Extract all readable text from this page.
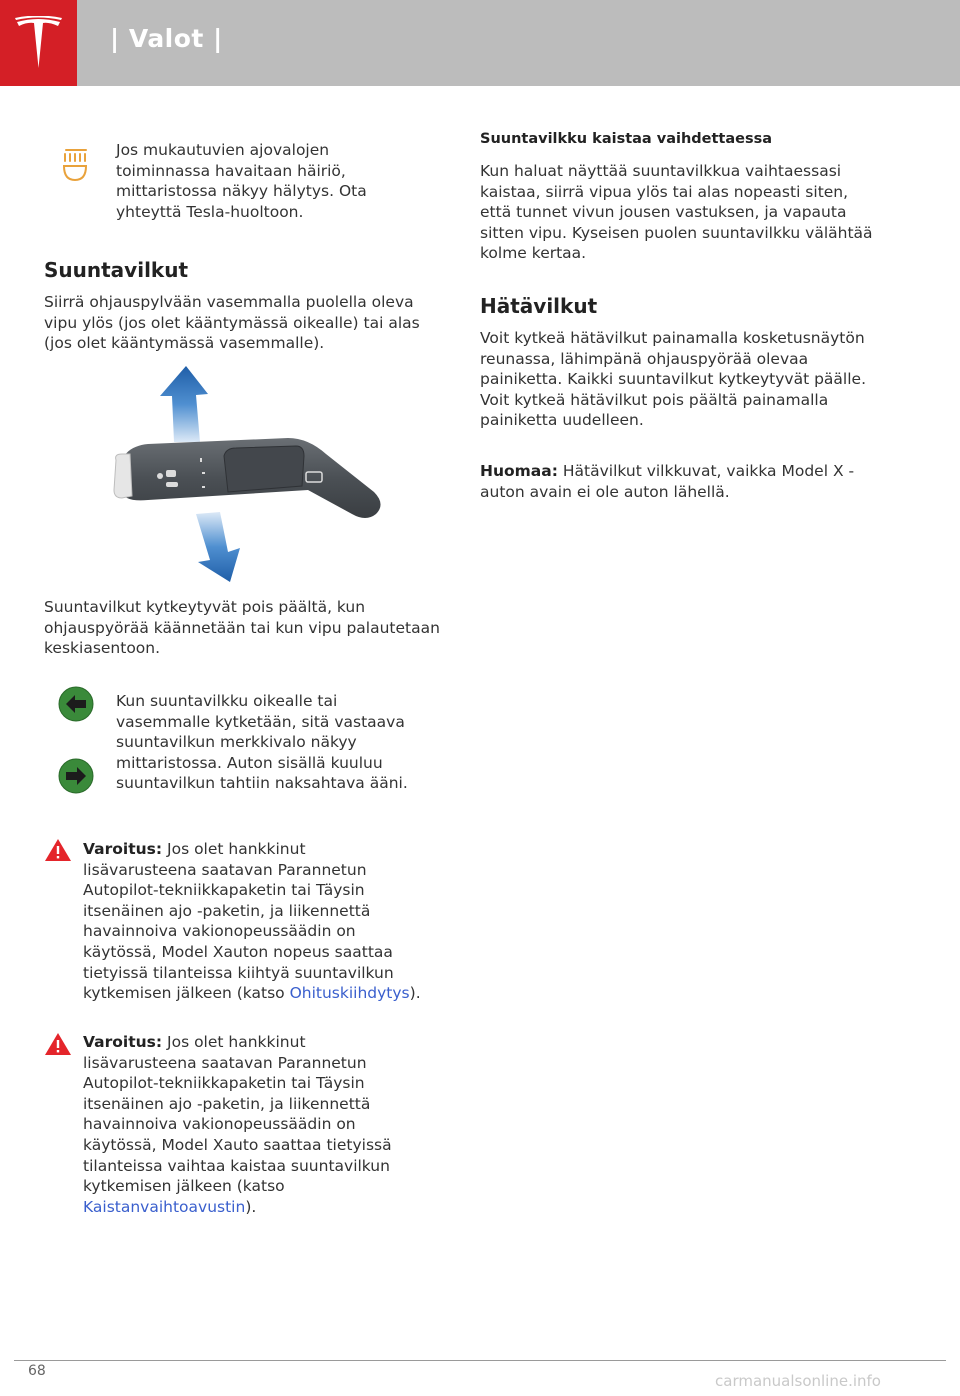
| Valot |

Jos mukautuvien ajovalojen toiminnassa havaitaan häiriö, mittaristossa näkyy hälytys. Ota yhteyttä Tesla-huoltoon.

Suuntavilkut

Siirrä ohjauspylvään vasemmalla puolella oleva vipu ylös (jos olet kääntymässä oikealle) tai alas (jos olet kääntymässä vasemmalle).

Suuntavilkut kytkeytyvät pois päältä, kun ohjauspyörää käännetään tai kun vipu palautetaan keskiasentoon.

Kun suuntavilkku oikealle tai vasemmalle kytketään, sitä vastaava suuntavilkun merkkivalo näkyy mittaristossa. Auton sisällä kuuluu suuntavilkun tahtiin naksahtava ääni.

Varoitus: Jos olet hankkinut lisävarusteena saatavan Parannetun Autopilot-tekniikkapaketin tai Täysin itsenäinen ajo -paketin, ja liikennettä havainnoiva vakionopeussäädin on käytössä, Model Xauton nopeus saattaa tietyissä tilanteissa kiihtyä suuntavilkun kytkemisen jälkeen (katso Ohituskiihdytys).

Varoitus: Jos olet hankkinut lisävarusteena saatavan Parannetun Autopilot-tekniikkapaketin tai Täysin itsenäinen ajo -paketin, ja liikennettä havainnoiva vakionopeussäädin on käytössä, Model Xauto saattaa tietyissä tilanteissa vaihtaa kaistaa suuntavilkun kytkemisen jälkeen (katso Kaistanvaihtoavustin).

Suuntavilkku kaistaa vaihdettaessa

Kun haluat näyttää suuntavilkkua vaihtaessasi kaistaa, siirrä vipua ylös tai alas nopeasti siten, että tunnet vivun jousen vastuksen, ja vapauta sitten vipu. Kyseisen puolen suuntavilkku välähtää kolme kertaa.

Hätävilkut

Voit kytkeä hätävilkut painamalla kosketusnäytön reunassa, lähimpänä ohjauspyörää olevaa painiketta. Kaikki suuntavilkut kytkeytyvät päälle. Voit kytkeä hätävilkut pois päältä painamalla painiketta uudelleen.

Huomaa: Hätävilkut vilkkuvat, vaikka Model X -auton avain ei ole auton lähellä.

68
carmanualsonline.info
